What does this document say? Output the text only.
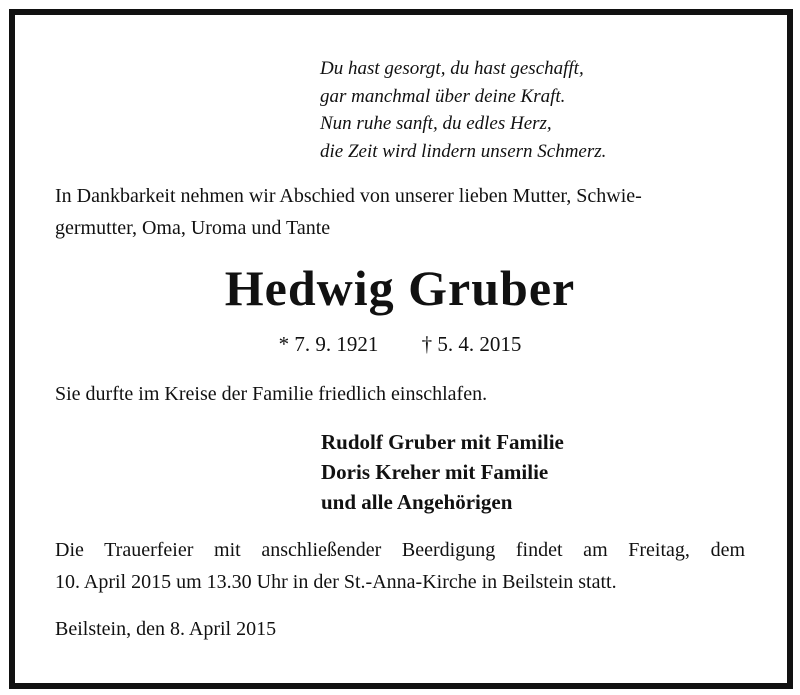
Du hast gesorgt, du hast geschafft,
gar manchmal über deine Kraft.
Nun ruhe sanft, du edles Herz,
die Zeit wird lindern unsern Schmerz.
In Dankbarkeit nehmen wir Abschied von unserer lieben Mutter, Schwie-
germutter, Oma, Uroma und Tante
Hedwig Gruber
* 7. 9. 1921 † 5. 4. 2015
Sie durfte im Kreise der Familie friedlich einschlafen.
Rudolf Gruber mit Familie
Doris Kreher mit Familie
und alle Angehörigen
Die Trauerfeier mit anschließender Beerdigung findet am Freitag, dem
10. April 2015 um 13.30 Uhr in der St.-Anna-Kirche in Beilstein statt.
Beilstein, den 8. April 2015
